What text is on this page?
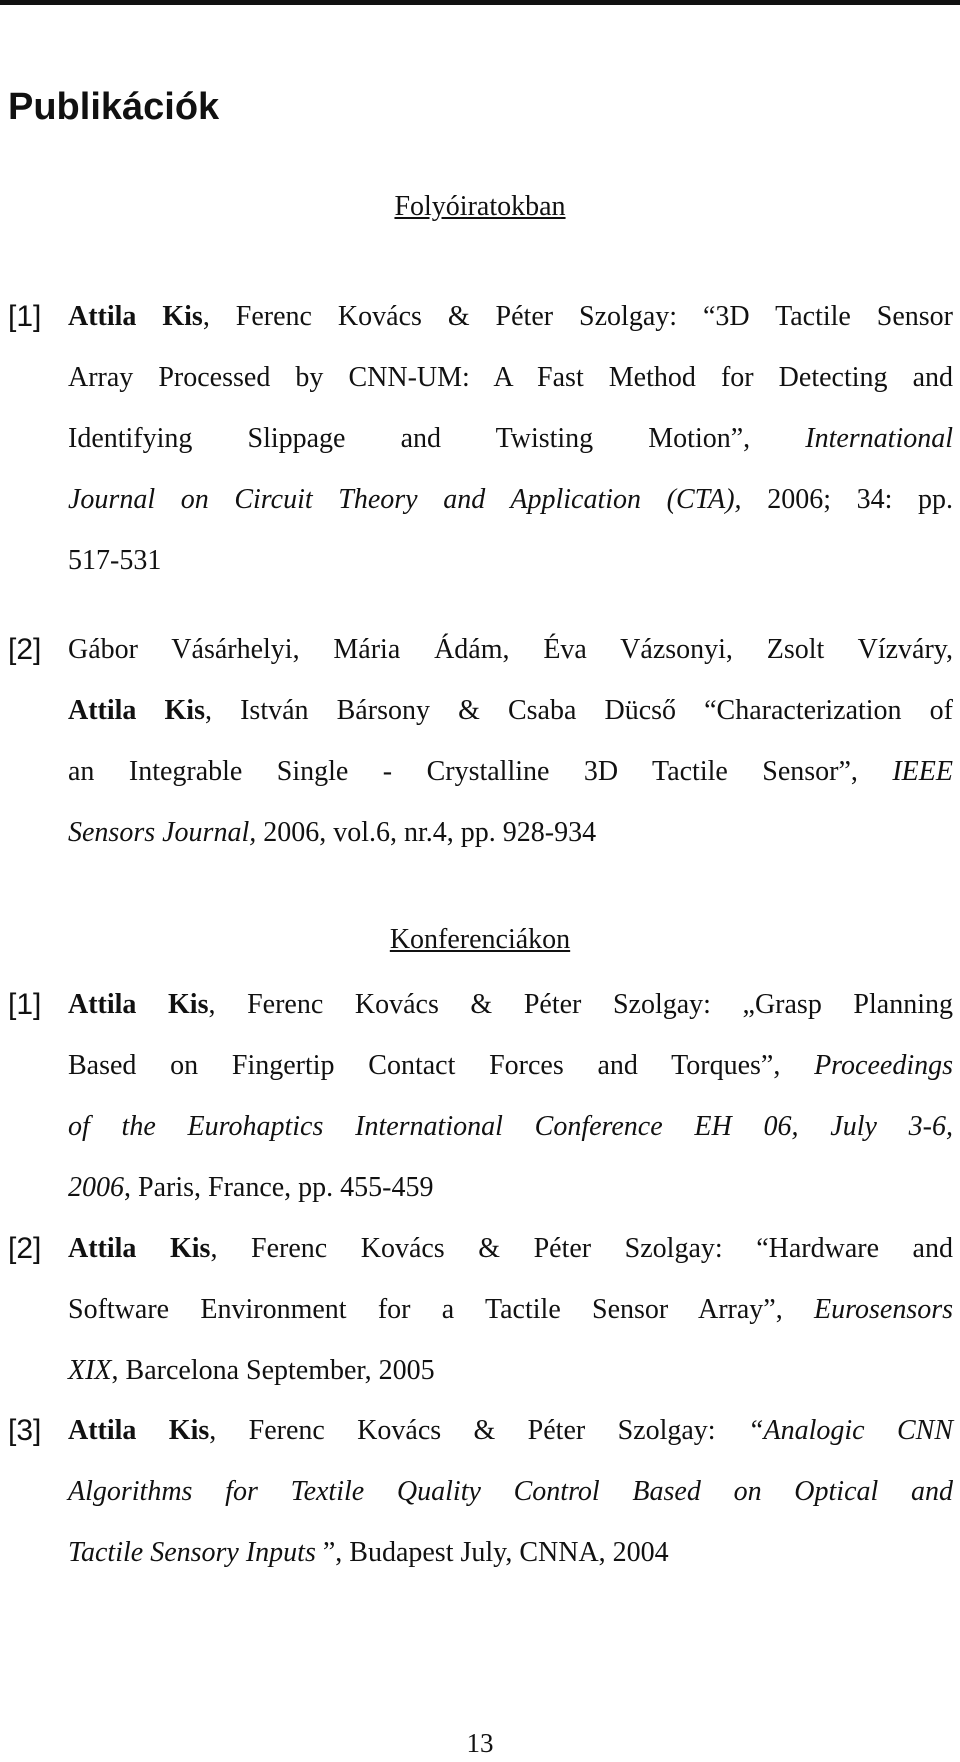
Publikációk
Folyóiratokban
[1] Attila Kis, Ferenc Kovács & Péter Szolgay: “3D Tactile Sensor
Array Processed by CNN-UM: A Fast Method for Detecting and
Identifying Slippage and Twisting Motion”, International
Journal on Circuit Theory and Application (CTA), 2006; 34: pp.
517-531
[2] Gábor Vásárhelyi, Mária Ádám, Éva Vázsonyi, Zsolt Vízváry,
Attila Kis, István Bársony & Csaba Dücső “Characterization of
an Integrable Single - Crystalline 3D Tactile Sensor”, IEEE
Sensors Journal, 2006, vol.6, nr.4, pp. 928-934
Konferenciákon
[1] Attila Kis, Ferenc Kovács & Péter Szolgay: „Grasp Planning
Based on Fingertip Contact Forces and Torques”, Proceedings
of the Eurohaptics International Conference EH 06, July 3-6,
2006, Paris, France, pp. 455-459
[2] Attila Kis, Ferenc Kovács & Péter Szolgay: “Hardware and
Software Environment for a Tactile Sensor Array”, Eurosensors
XIX, Barcelona September, 2005
[3] Attila Kis, Ferenc Kovács & Péter Szolgay: “Analogic CNN
Algorithms for Textile Quality Control Based on Optical and
Tactile Sensory Inputs ”, Budapest July, CNNA, 2004
13
